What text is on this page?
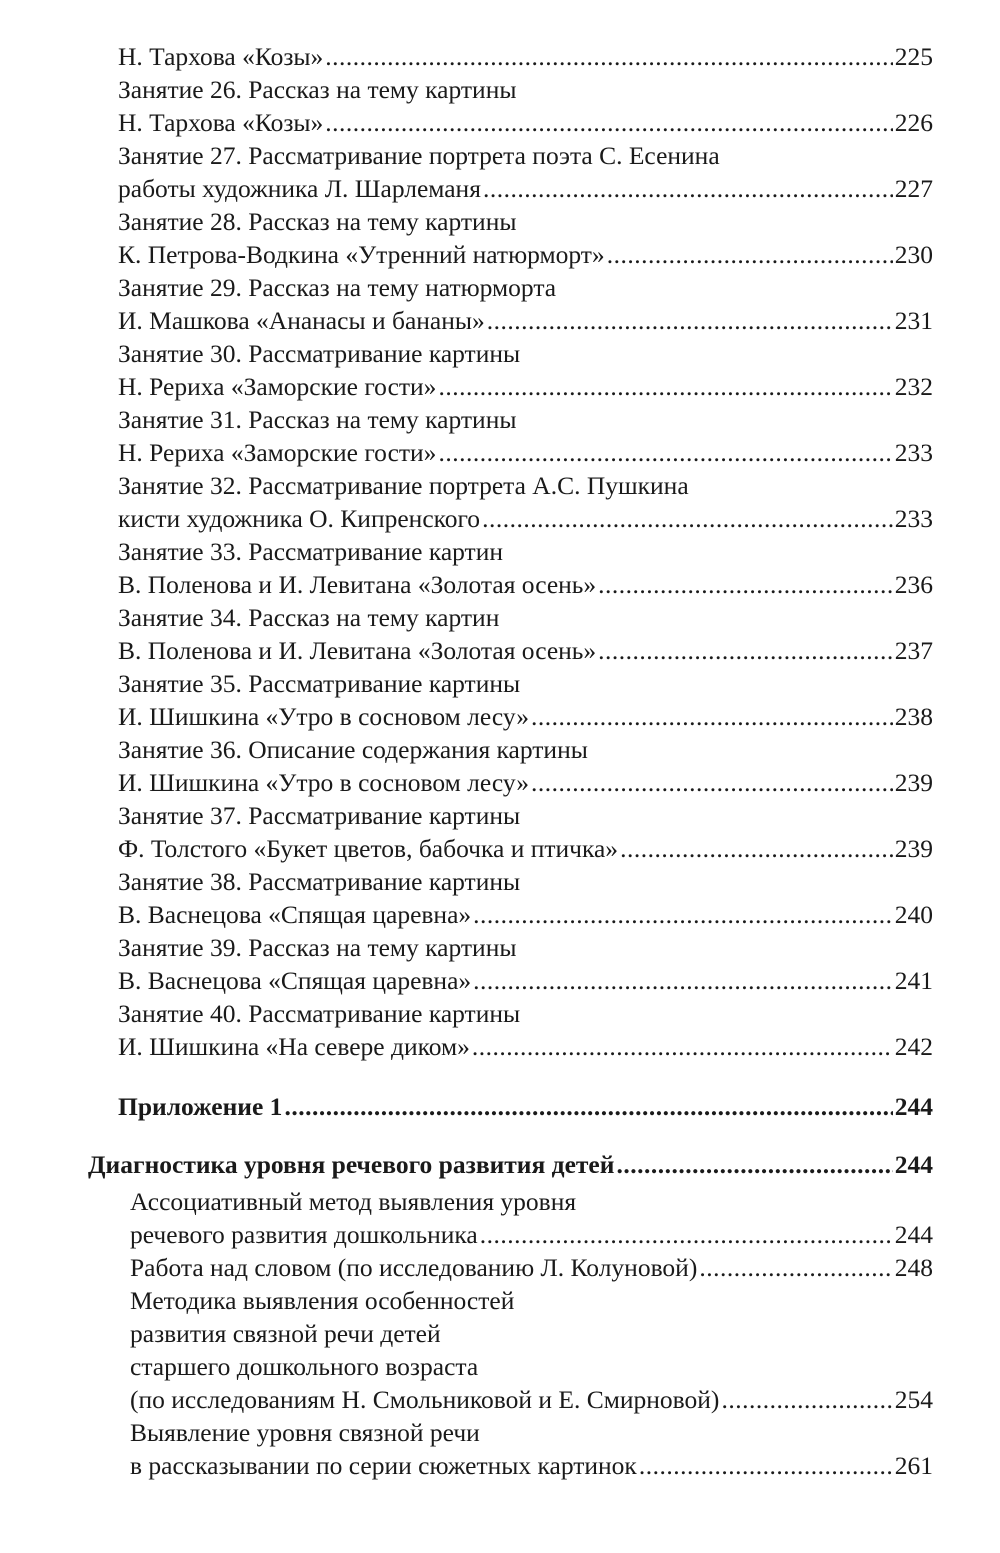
Н. Тархова «Козы» .....	225
Занятие 26. Рассказ на тему картины
Н. Тархова «Козы» .....	226
Занятие 27. Рассматривание портрета поэта С. Есенина
работы художника Л. Шарлеманя .....	227
Занятие 28. Рассказ на тему картины
К. Петрова-Водкина «Утренний натюрморт» .....	230
Занятие 29. Рассказ на тему натюрморта
И. Машкова «Ананасы и бананы» .....	231
Занятие 30. Рассматривание картины
Н. Рериха «Заморские гости» .....	232
Занятие 31. Рассказ на тему картины
Н. Рериха «Заморские гости» .....	233
Занятие 32. Рассматривание портрета А.С. Пушкина
кисти художника О. Кипренского .....	233
Занятие 33. Рассматривание картин
В. Поленова и И. Левитана «Золотая осень» .....	236
Занятие 34. Рассказ на тему картин
В. Поленова и И. Левитана «Золотая осень» .....	237
Занятие 35. Рассматривание картины
И. Шишкина «Утро в сосновом лесу» .....	238
Занятие 36. Описание содержания картины
И. Шишкина «Утро в сосновом лесу» .....	239
Занятие 37. Рассматривание картины
Ф. Толстого «Букет цветов, бабочка и птичка» .....	239
Занятие 38. Рассматривание картины
В. Васнецова «Спящая царевна» .....	240
Занятие 39. Рассказ на тему картины
В. Васнецова «Спящая царевна» .....	241
Занятие 40. Рассматривание картины
И. Шишкина «На севере диком» .....	242
Приложение 1 .....	244
Диагностика уровня речевого развития детей .....	244
Ассоциативный метод выявления уровня
речевого развития дошкольника .....	244
Работа над словом (по исследованию Л. Колуновой) .....	248
Методика выявления особенностей
развития связной речи детей
старшего дошкольного возраста
(по исследованиям Н. Смольниковой и Е. Смирновой) .....	254
Выявление уровня связной речи
в рассказывании по серии сюжетных картинок .....	261
